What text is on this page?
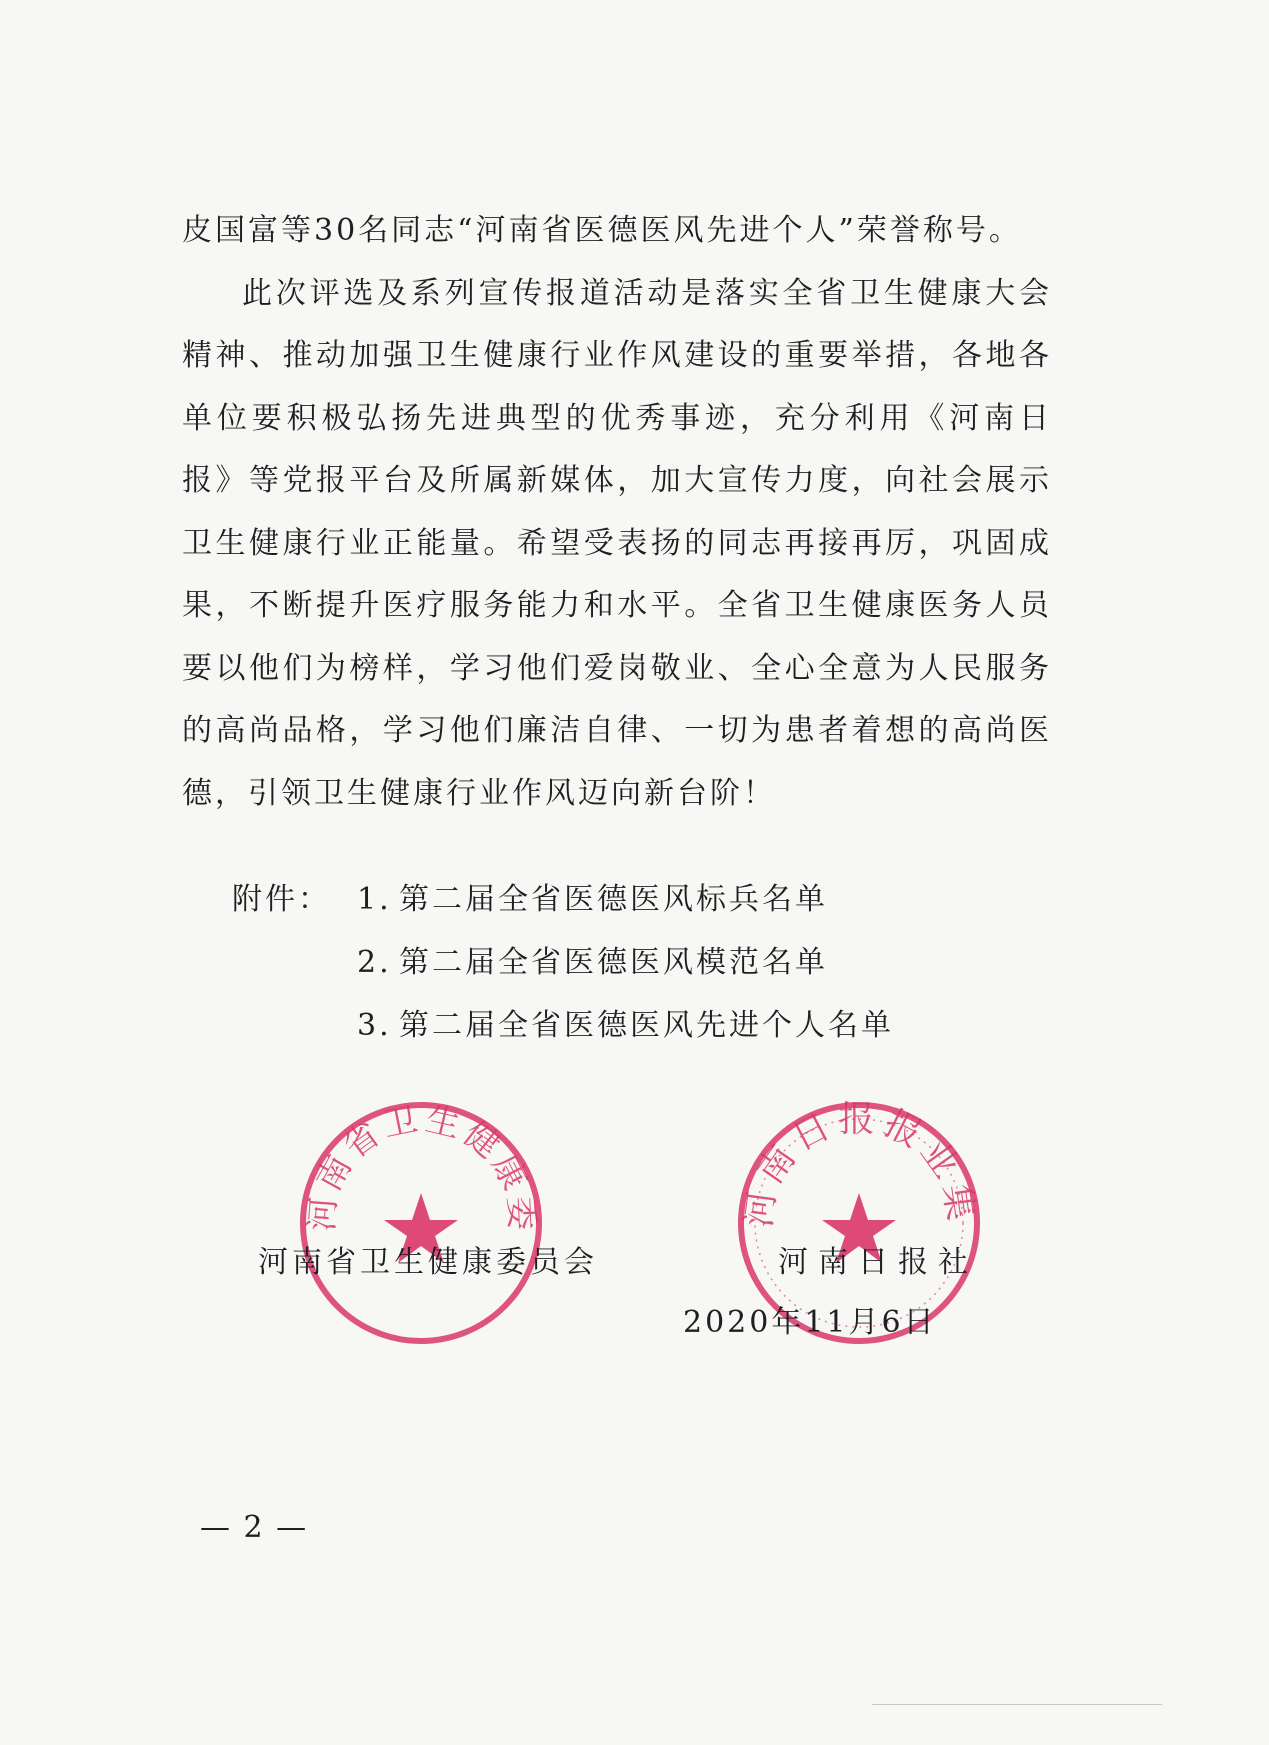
皮国富等30名同志“河南省医德医风先进个人”荣誉称号。

此次评选及系列宣传报道活动是落实全省卫生健康大会精神、推动加强卫生健康行业作风建设的重要举措，各地各单位要积极弘扬先进典型的优秀事迹，充分利用《河南日报》等党报平台及所属新媒体，加大宣传力度，向社会展示卫生健康行业正能量。希望受表扬的同志再接再厉，巩固成果，不断提升医疗服务能力和水平。全省卫生健康医务人员要以他们为榜样，学习他们爱岗敬业、全心全意为人民服务的高尚品格，学习他们廉洁自律、一切为患者着想的高尚医德，引领卫生健康行业作风迈向新台阶！

附件： 1. 第二届全省医德医风标兵名单
2. 第二届全省医德医风模范名单
3. 第二届全省医德医风先进个人名单
河南省卫生健康委	河南日报报业集
河南省卫生健康委员会	河南日报社
2020年11月6日
— 2 —
